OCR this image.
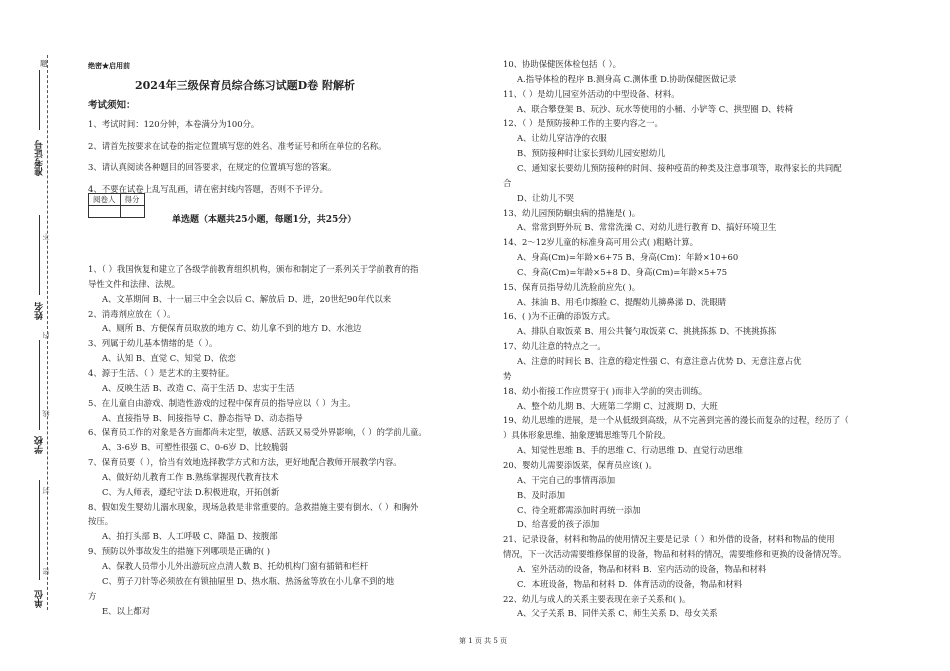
题
准考证号
姓名
学校
单位
不
内
线
封
密
绝密★启用前
2024年三级保育员综合练习试题D卷 附解析
考试须知：
1、考试时间：120分钟，本卷满分为100分。
2、请首先按要求在试卷的指定位置填写您的姓名、准考证号和所在单位的名称。
3、请认真阅读各种题目的回答要求，在规定的位置填写您的答案。
4、不要在试卷上乱写乱画，请在密封线内答题，否则不予评分。
阅卷人	得分

单选题（本题共25小题，每题1分，共25分）
1、（ ）我国恢复和建立了各级学前教育组织机构，颁布和制定了一系列关于学前教育的指
导性文件和法律、法规。
A、文革期间 B、十一届三中全会以后 C、解放后 D、进，20世纪90年代以来
2、消毒剂应放在（ ）。
A、厕所 B、方便保育员取放的地方 C、幼儿拿不到的地方 D、水池边
3、列属于幼儿基本情绪的是（ ）。
A、认知 B、直觉 C、知觉 D、依恋
4、源于生活、（ ）是艺术的主要特征。
A、反映生活 B、改造 C、高于生活 D、忠实于生活
5、在儿童自由游戏、制造性游戏的过程中保育员的指导应以（ ）为主。
A、直接指导 B、间接指导 C、静态指导 D、动态指导
6、保育员工作的对象是各方面都尚未定型，敏感、活跃又易受外界影响，（ ）的学前儿童。
A、3-6岁 B、可塑性很强 C、0-6岁 D、比较脆弱
7、保育员要（ ），恰当有效地选择教学方式和方法，更好地配合教师开展教学内容。
A、做好幼儿教育工作 B.熟练掌握现代教育技术
C、为人师表，遵纪守法 D.积极进取，开拓创新
8、假如发生婴幼儿溺水现象，现场急救是非常重要的。急救措施主要有倒水、（ ）和胸外
按压。
A、拍打头部 B、人工呼吸 C、降温 D、按腹部
9、预防以外事故发生的措施下列哪项是正确的( )
A、保教人员带小儿外出游玩应点清人数 B、托幼机构门窗有插销和栏杆
C、剪子刀针等必须放在有锁抽屉里 D、热水瓶、热汤盆等放在小儿拿不到的地
方
E、以上都对
10、协助保健医体检包括（ ）。
A.指导体检的程序 B.测身高 C.测体重 D.协助保健医做记录
11、（ ）是幼儿园室外活动的中型设备、材料。
A、联合攀登架 B、玩沙、玩水等使用的小桶、小铲等 C、拱型圈 D、转椅
12、（ ）是预防接种工作的主要内容之一。
A、让幼儿穿洁净的衣服
B、预防接种时让家长到幼儿园安慰幼儿
C、通知家长要幼儿预防接种的时间、接种疫苗的种类及注意事项等，取得家长的共同配
合
D、让幼儿不哭
13、幼儿园预防蛔虫病的措施是( )。
A、常常到野外玩 B、常常洗澡 C、对幼儿进行教育 D、搞好环境卫生
14、2～12岁儿童的标准身高可用公式( )粗略计算。
A、身高(Cm)=年龄×6+75 B、身高(Cm)：年龄×10+60
C、身高(Cm)=年龄×5+8 D、身高(Cm)=年龄×5+75
15、保育员指导幼儿洗脸前应先( )。
A、抹油 B、用毛巾擦脸 C、提醒幼儿擤鼻涕 D、洗眼睛
16、( )为不正确的添饭方式。
A、排队自取饭菜 B、用公共餐勺取饭菜 C、挑挑拣拣 D、不挑挑拣拣
17、幼儿注意的特点之一。
A、注意的时间长 B、注意的稳定性强 C、有意注意占优势 D、无意注意占优
势
18、幼小衔接工作应贯穿于( )而非入学前的突击训练。
A、整个幼儿期 B、大班第二学期 C、过渡期 D、大班
19、幼儿思维的进展，是一个从低级到高级，从不完善到完善的漫长而复杂的过程，经历了（
）具体形象思维、抽象逻辑思维等几个阶段。
A、知觉性思维 B、手的思维 C、行动思维 D、直觉行动思维
20、婴幼儿需要添饭菜，保育员应该( )。
A、干完自己的事情再添加
B、及时添加
C、待全班都需添加时再统一添加
D、给喜爱的孩子添加
21、记录设备，材料和物品的使用情况主要是记录（ ）和外借的设备，材料和物品的使用
情况，下一次活动需要维修保留的设备，物品和材料的情况，需要维修和更换的设备情况等。
A．室外活动的设备，物品和材料 B．室内活动的设备，物品和材料
C．本班设备，物品和材料 D．体育活动的设备，物品和材料
22、幼儿与成人的关系主要表现在亲子关系和( )。
A、父子关系 B、同伴关系 C、师生关系 D、母女关系
第 1 页 共 5 页
